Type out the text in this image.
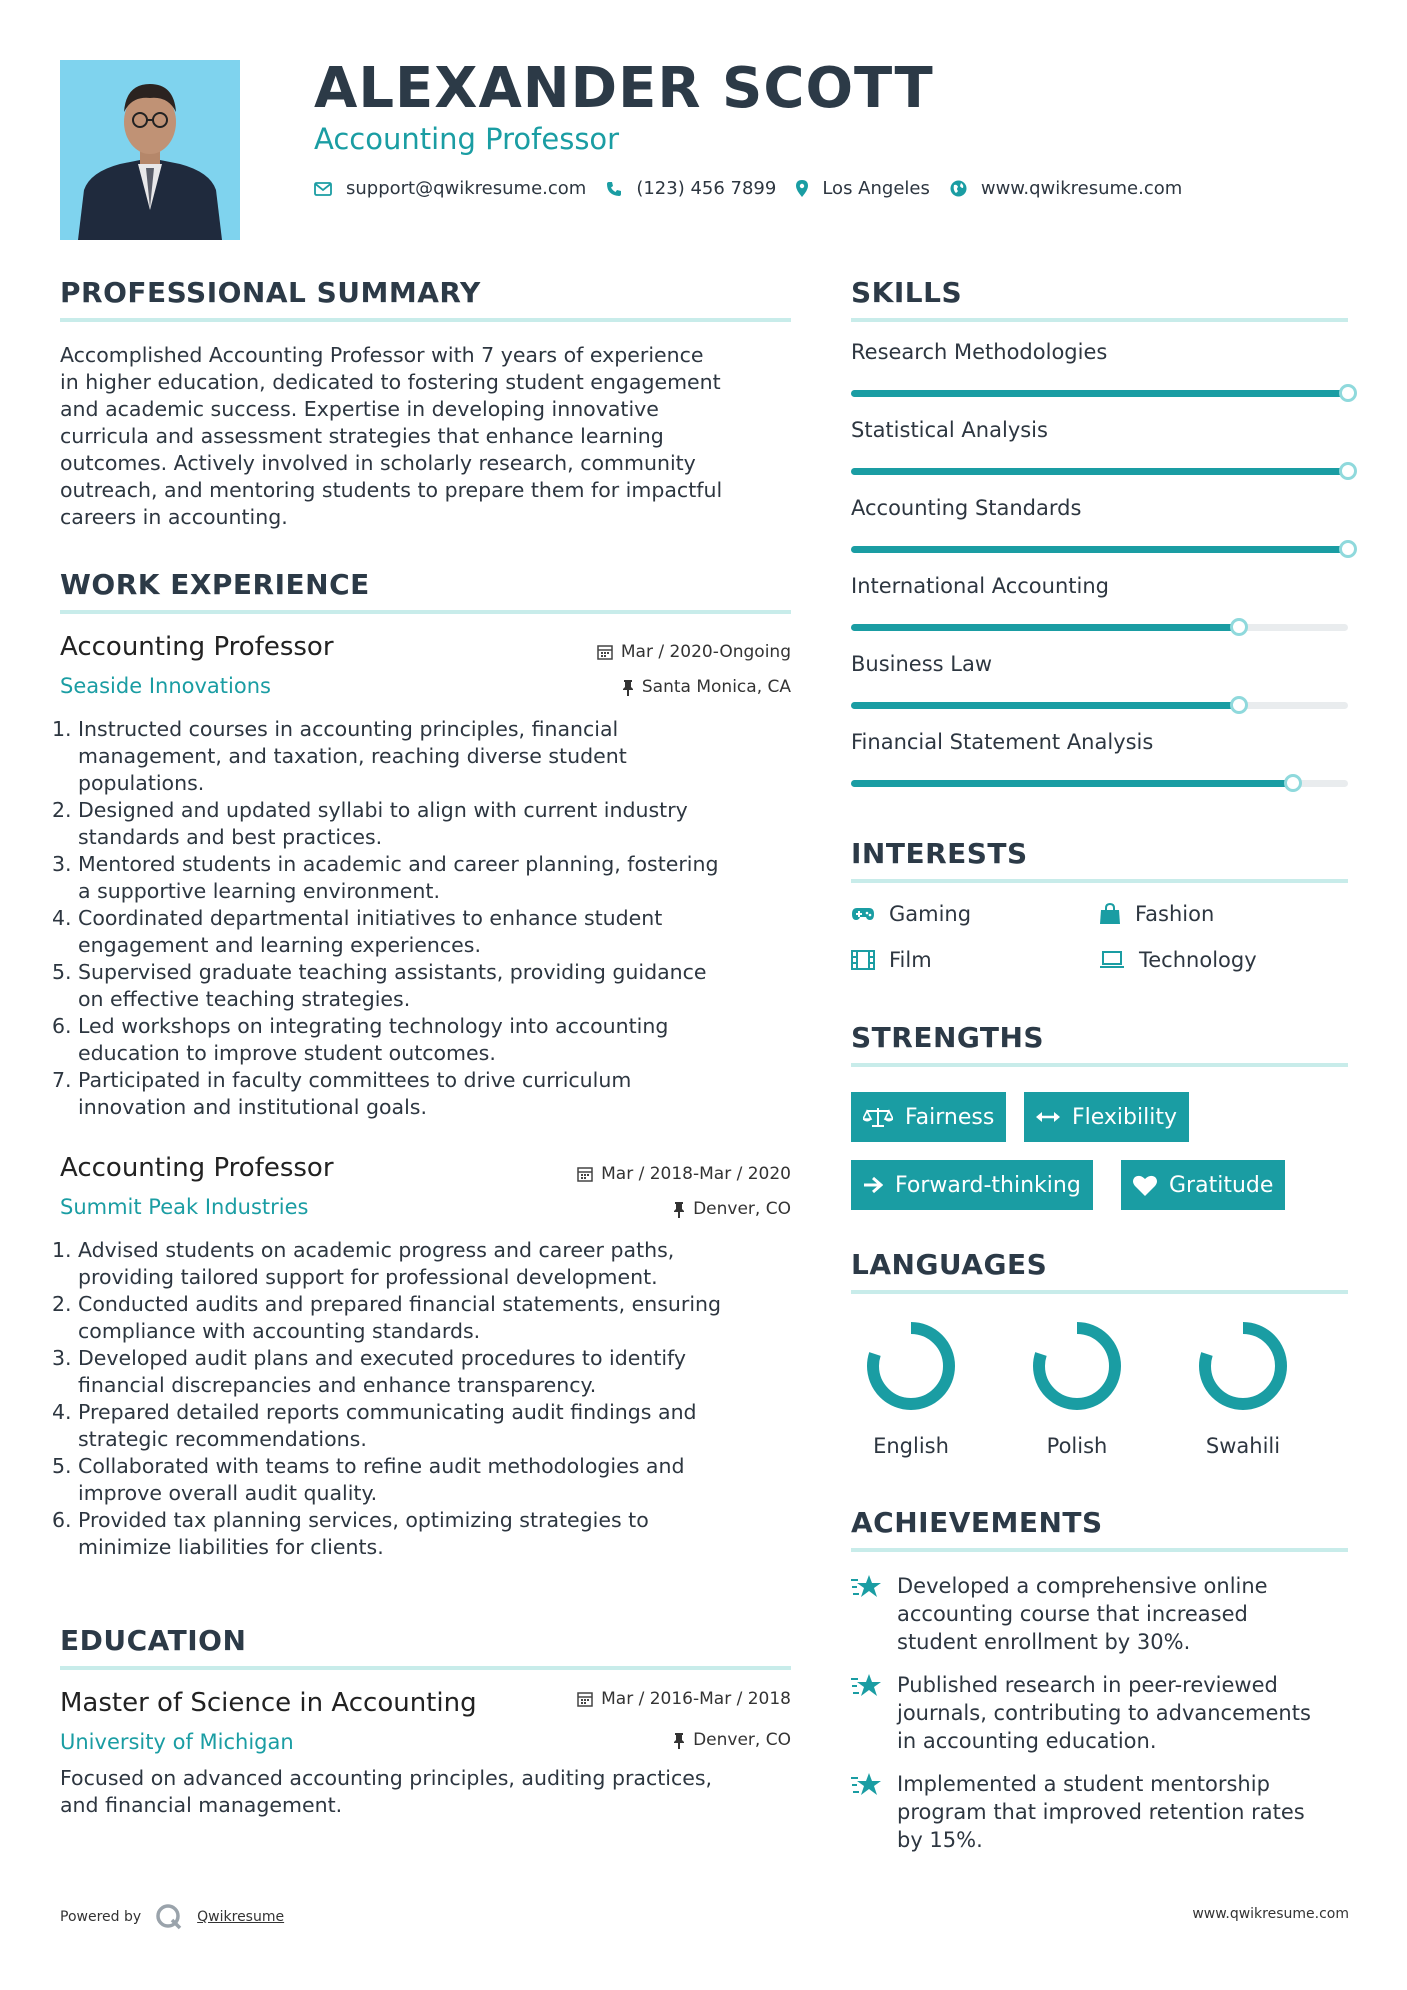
ALEXANDER SCOTT
Accounting Professor
support@qwikresume.com	(123) 456 7899	Los Angeles	www.qwikresume.com
PROFESSIONAL SUMMARY
Accomplished Accounting Professor with 7 years of experience
in higher education, dedicated to fostering student engagement
and academic success. Expertise in developing innovative
curricula and assessment strategies that enhance learning
outcomes. Actively involved in scholarly research, community
outreach, and mentoring students to prepare them for impactful
careers in accounting.
WORK EXPERIENCE
Accounting Professor	Mar / 2020-Ongoing
Seaside Innovations	Santa Monica, CA
1. Instructed courses in accounting principles, financial
management, and taxation, reaching diverse student
populations.
2. Designed and updated syllabi to align with current industry
standards and best practices.
3. Mentored students in academic and career planning, fostering
a supportive learning environment.
4. Coordinated departmental initiatives to enhance student
engagement and learning experiences.
5. Supervised graduate teaching assistants, providing guidance
on effective teaching strategies.
6. Led workshops on integrating technology into accounting
education to improve student outcomes.
7. Participated in faculty committees to drive curriculum
innovation and institutional goals.
Accounting Professor	Mar / 2018-Mar / 2020
Summit Peak Industries	Denver, CO
1. Advised students on academic progress and career paths,
providing tailored support for professional development.
2. Conducted audits and prepared financial statements, ensuring
compliance with accounting standards.
3. Developed audit plans and executed procedures to identify
financial discrepancies and enhance transparency.
4. Prepared detailed reports communicating audit findings and
strategic recommendations.
5. Collaborated with teams to refine audit methodologies and
improve overall audit quality.
6. Provided tax planning services, optimizing strategies to
minimize liabilities for clients.
EDUCATION
Master of Science in Accounting	Mar / 2016-Mar / 2018
University of Michigan	Denver, CO
Focused on advanced accounting principles, auditing practices,
and financial management.
SKILLS
Research Methodologies
Statistical Analysis
Accounting Standards
International Accounting
Business Law
Financial Statement Analysis
INTERESTS
Gaming	Fashion
Film	Technology
STRENGTHS
Fairness	Flexibility
Forward-thinking	Gratitude
LANGUAGES
English	Polish	Swahili
ACHIEVEMENTS
Developed a comprehensive online
accounting course that increased
student enrollment by 30%.
Published research in peer-reviewed
journals, contributing to advancements
in accounting education.
Implemented a student mentorship
program that improved retention rates
by 15%.
Powered by	Qwikresume	www.qwikresume.com
